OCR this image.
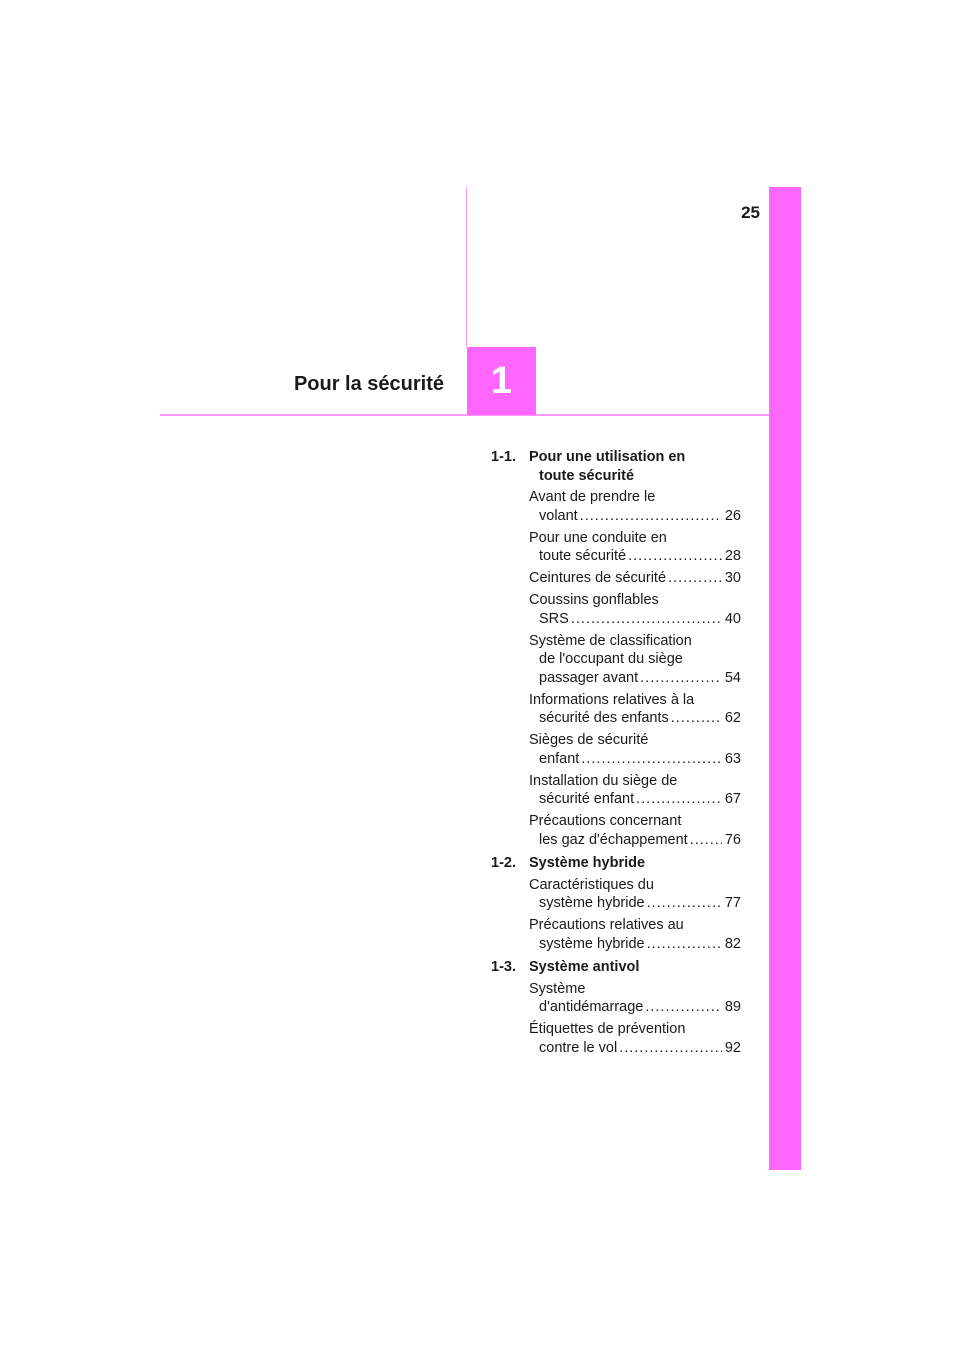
25
1
Pour la sécurité
1-1. Pour une utilisation en
toute sécurité
Avant de prendre le
volant .....	26
Pour une conduite en
toute sécurité .....	28
Ceintures de sécurité .....	30
Coussins gonflables
SRS .....	40
Système de classification
de l'occupant du siège
passager avant .....	54
Informations relatives à la
sécurité des enfants .....	62
Sièges de sécurité
enfant .....	63
Installation du siège de
sécurité enfant .....	67
Précautions concernant
les gaz d'échappement .....	76
1-2. Système hybride
Caractéristiques du
système hybride .....	77
Précautions relatives au
système hybride .....	82
1-3. Système antivol
Système
d'antidémarrage .....	89
Étiquettes de prévention
contre le vol .....	92
